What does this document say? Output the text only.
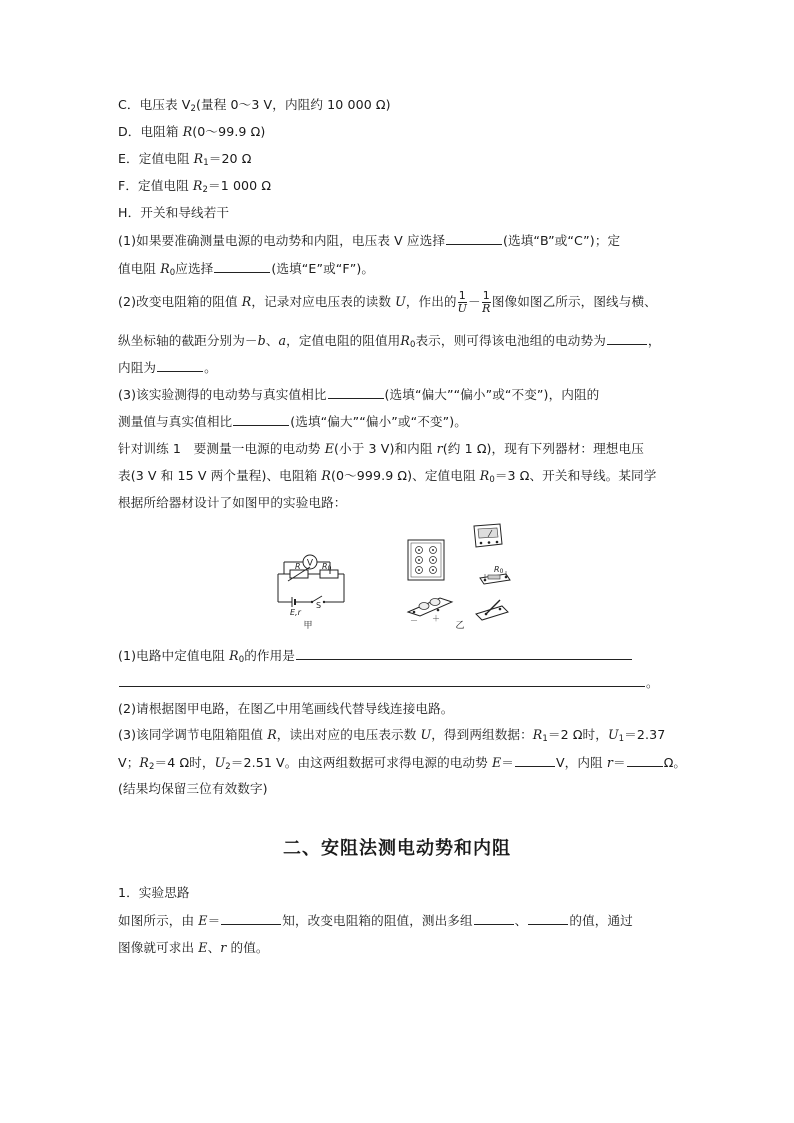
C．电压表 $V_2$(量程 0～3 V，内阻约 10 000 Ω)
D．电阻箱 R(0～99.9 Ω)
E．定值电阻 $R_1=20$ Ω
F．定值电阻 $R_2=1$ 000 Ω
H．开关和导线若干
(1)如果要准确测量电源的电动势和内阻，电压表 V 应选择	(选填“B”或“C”)；定
值电阻 $R_0$应选择	(选填“E”或“F”)。
(2)改变电阻箱的阻值 R，记录对应电压表的读数 U，作出的 $\frac{1}{U} - \frac{1}{R}$ 图像如图乙所示，图线与横、
纵坐标轴的截距分别为－b、a，定值电阻的阻值用$R_0$表示，则可得该电池组的电动势为	，
内阻为	。
(3)该实验测得的电动势与真实值相比	(选填“偏大”“偏小”或“不变”)，内阻的
测量值与真实值相比	(选填“偏大”“偏小”或“不变”)。
针对训练 1　要测量一电源的电动势 E(小于 3 V)和内阻 r(约 1 Ω)，现有下列器材：理想电压
表(3 V 和 15 V 两个量程)、电阻箱 R(0～999.9 Ω)、定值电阻 $R_0=3$ Ω、开关和导线。某同学
根据所给器材设计了如图甲的实验电路：
V
R	R0
E,r
S
甲
R0
－ ＋
乙
(1)电路中定值电阻 $R_0$的作用是
。
(2)请根据图甲电路，在图乙中用笔画线代替导线连接电路。
(3)该同学调节电阻箱阻值 R，读出对应的电压表示数 U，得到两组数据：$R_1=2$ Ω时，$U_1=2.37$
V；$R_2=4$ Ω时，$U_2=2.51$ V。由这两组数据可求得电源的电动势 E＝	V，内阻 r＝	Ω。
(结果均保留三位有效数字)
二、安阻法测电动势和内阻
1．实验思路
如图所示，由 E＝	知，改变电阻箱的阻值，测出多组	、	的值，通过
图像就可求出 E、r 的值。
